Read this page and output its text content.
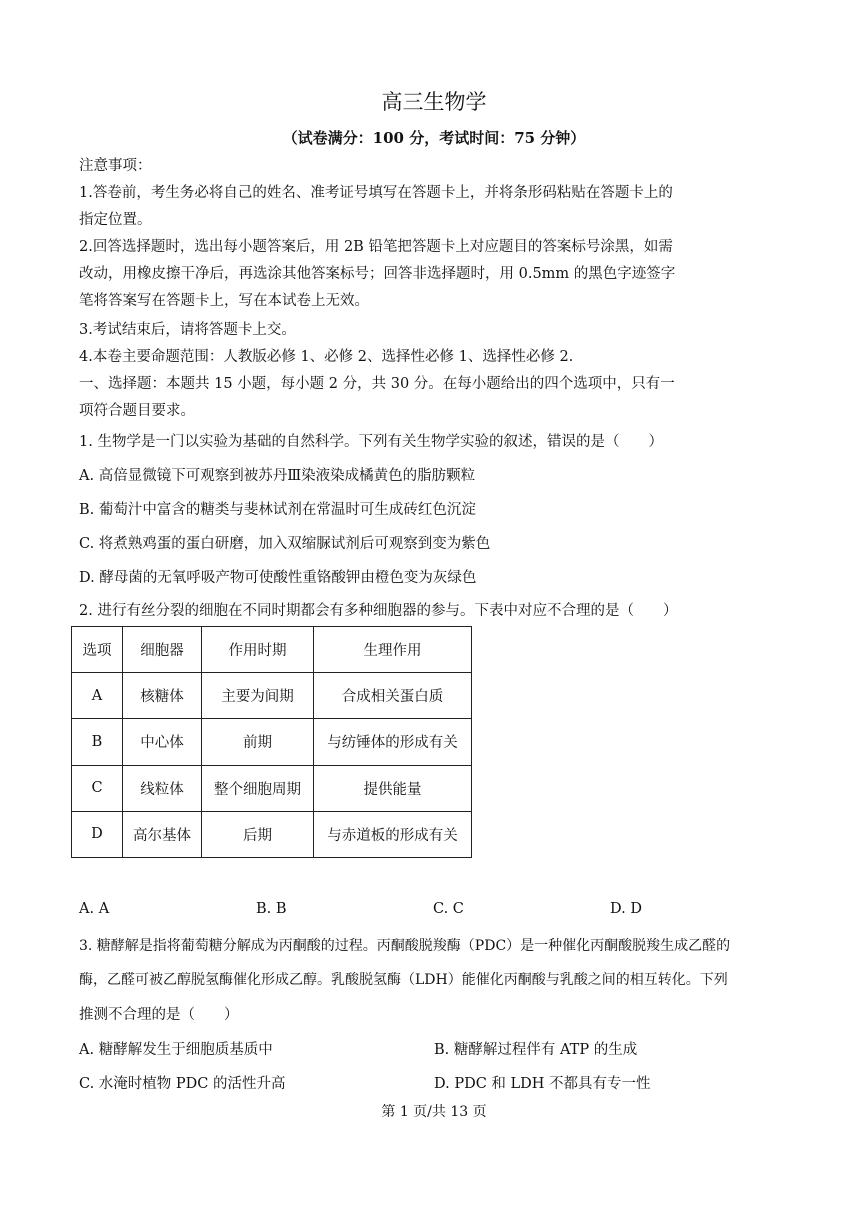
高三生物学
（试卷满分：100 分，考试时间：75 分钟）
注意事项：
1.答卷前，考生务必将自己的姓名、准考证号填写在答题卡上，并将条形码粘贴在答题卡上的
指定位置。
2.回答选择题时，选出每小题答案后，用 2B 铅笔把答题卡上对应题目的答案标号涂黑，如需
改动，用橡皮擦干净后，再选涂其他答案标号；回答非选择题时，用 0.5mm 的黑色字迹签字
笔将答案写在答题卡上，写在本试卷上无效。
3.考试结束后，请将答题卡上交。
4.本卷主要命题范围：人教版必修 1、必修 2、选择性必修 1、选择性必修 2.
一、选择题：本题共 15 小题，每小题 2 分，共 30 分。在每小题给出的四个选项中，只有一
项符合题目要求。
1. 生物学是一门以实验为基础的自然科学。下列有关生物学实验的叙述，错误的是（　　）
A. 高倍显微镜下可观察到被苏丹Ⅲ染液染成橘黄色的脂肪颗粒
B. 葡萄汁中富含的糖类与斐林试剂在常温时可生成砖红色沉淀
C. 将煮熟鸡蛋的蛋白研磨，加入双缩脲试剂后可观察到变为紫色
D. 酵母菌的无氧呼吸产物可使酸性重铬酸钾由橙色变为灰绿色
2. 进行有丝分裂的细胞在不同时期都会有多种细胞器的参与。下表中对应不合理的是（　　）
选项	细胞器	作用时期	生理作用
A	核糖体	主要为间期	合成相关蛋白质
B	中心体	前期	与纺锤体的形成有关
C	线粒体	整个细胞周期	提供能量
D	高尔基体	后期	与赤道板的形成有关
A. A	B. B	C. C	D. D
3. 糖酵解是指将葡萄糖分解成为丙酮酸的过程。丙酮酸脱羧酶（PDC）是一种催化丙酮酸脱羧生成乙醛的
酶，乙醛可被乙醇脱氢酶催化形成乙醇。乳酸脱氢酶（LDH）能催化丙酮酸与乳酸之间的相互转化。下列
推测不合理的是（　　）
A. 糖酵解发生于细胞质基质中	B. 糖酵解过程伴有 ATP 的生成
C. 水淹时植物 PDC 的活性升高	D. PDC 和 LDH 不都具有专一性
第 1 页/共 13 页
